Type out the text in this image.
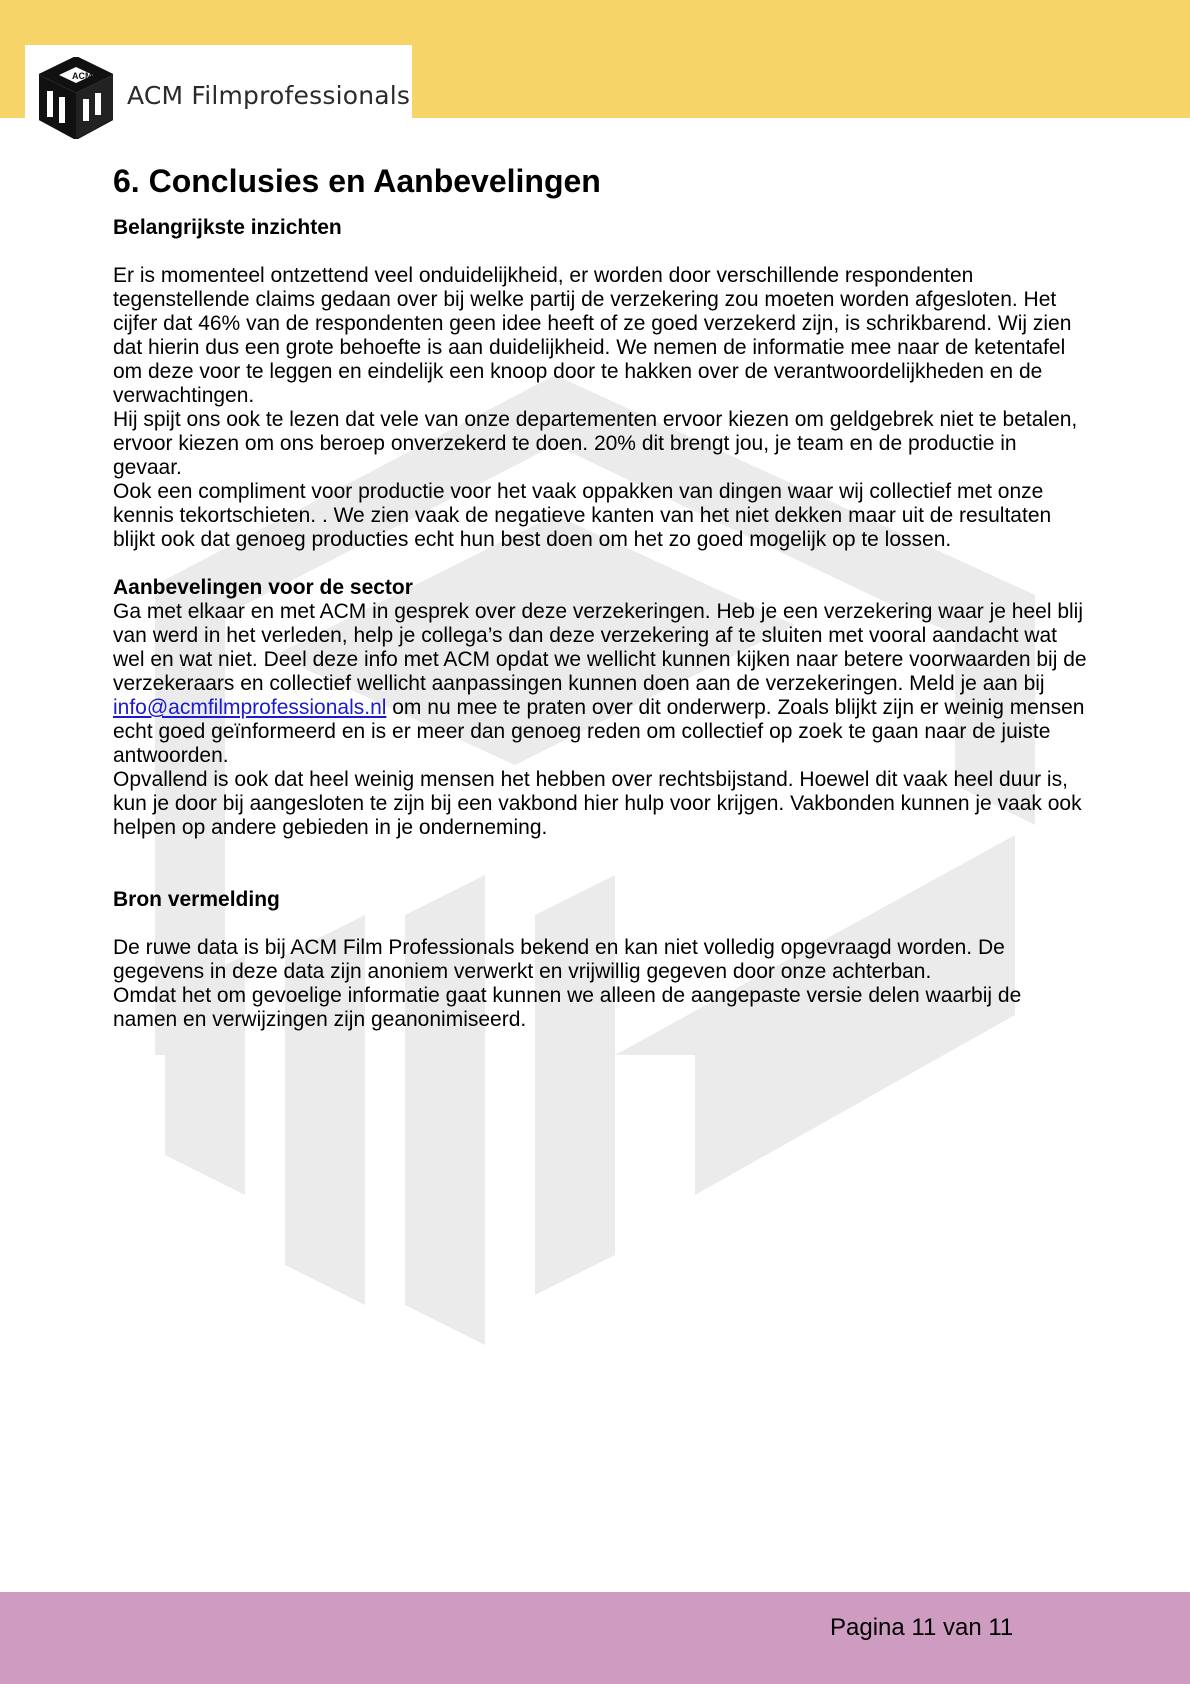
ACM
ACM Filmprofessionals
6. Conclusies en Aanbevelingen

Belangrijkste inzichten

Er is momenteel ontzettend veel onduidelijkheid, er worden door verschillende respondenten tegenstellende claims gedaan over bij welke partij de verzekering zou moeten worden afgesloten. Het cijfer dat 46% van de respondenten geen idee heeft of ze goed verzekerd zijn, is schrikbarend. Wij zien dat hierin dus een grote behoefte is aan duidelijkheid. We nemen de informatie mee naar de ketentafel om deze voor te leggen en eindelijk een knoop door te hakken over de verantwoordelijkheden en de verwachtingen.

Hij spijt ons ook te lezen dat vele van onze departementen ervoor kiezen om geldgebrek niet te betalen, ervoor kiezen om ons beroep onverzekerd te doen. 20% dit brengt jou, je team en de productie in gevaar.

Ook een compliment voor productie voor het vaak oppakken van dingen waar wij collectief met onze kennis tekortschieten. . We zien vaak de negatieve kanten van het niet dekken maar uit de resultaten blijkt ook dat genoeg producties echt hun best doen om het zo goed mogelijk op te lossen.

Aanbevelingen voor de sector

Ga met elkaar en met ACM in gesprek over deze verzekeringen. Heb je een verzekering waar je heel blij van werd in het verleden, help je collega’s dan deze verzekering af te sluiten met vooral aandacht wat wel en wat niet. Deel deze info met ACM opdat we wellicht kunnen kijken naar betere voorwaarden bij de verzekeraars en collectief wellicht aanpassingen kunnen doen aan de verzekeringen. Meld je aan bij info@acmfilmprofessionals.nl om nu mee te praten over dit onderwerp. Zoals blijkt zijn er weinig mensen echt goed geïnformeerd en is er meer dan genoeg reden om collectief op zoek te gaan naar de juiste antwoorden.

Opvallend is ook dat heel weinig mensen het hebben over rechtsbijstand. Hoewel dit vaak heel duur is, kun je door bij aangesloten te zijn bij een vakbond hier hulp voor krijgen. Vakbonden kunnen je vaak ook helpen op andere gebieden in je onderneming.

Bron vermelding

De ruwe data is bij ACM Film Professionals bekend en kan niet volledig opgevraagd worden. De gegevens in deze data zijn anoniem verwerkt en vrijwillig gegeven door onze achterban.

Omdat het om gevoelige informatie gaat kunnen we alleen de aangepaste versie delen waarbij de namen en verwijzingen zijn geanonimiseerd.

Pagina 11 van 11
